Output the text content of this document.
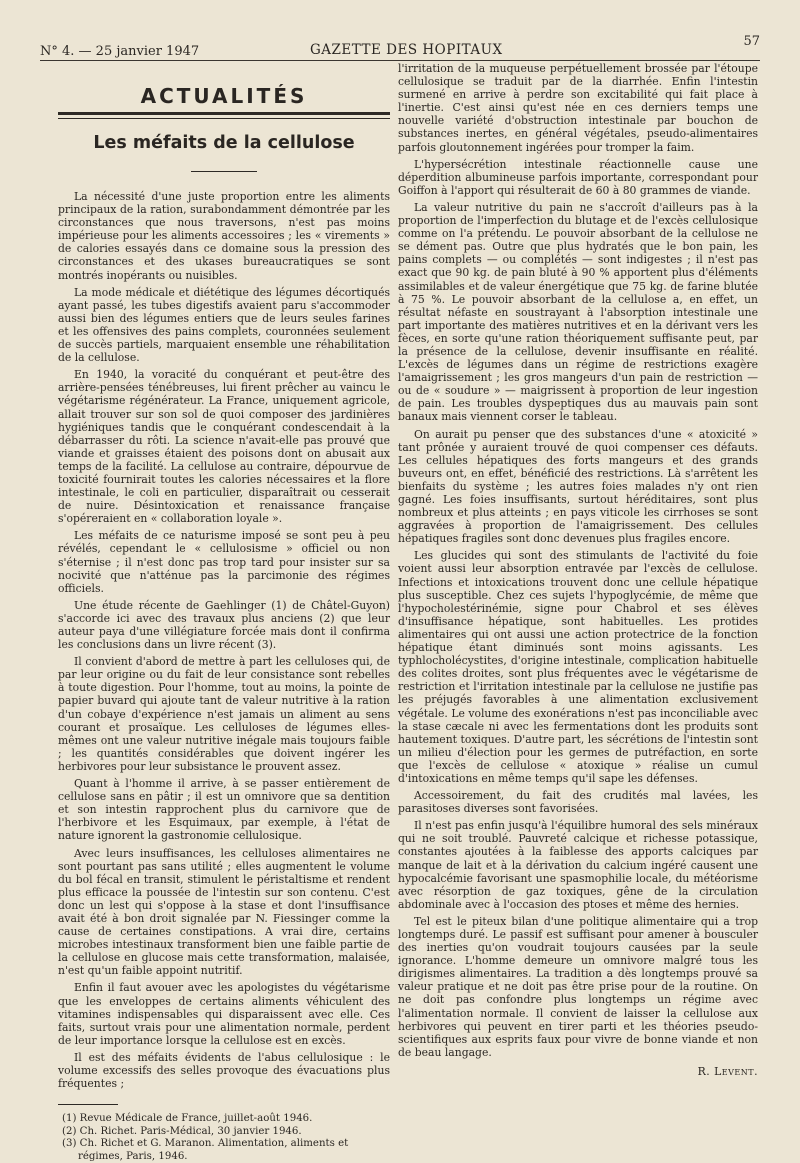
N° 4. — 25 janvier 1947	GAZETTE DES HOPITAUX
57
ACTUALITÉS
Les méfaits de la cellulose

La nécessité d'une juste proportion entre les aliments principaux de la ration, surabondamment démontrée par les circonstances que nous traversons, n'est pas moins impérieuse pour les aliments accessoires ; les « virements » de calories essayés dans ce domaine sous la pression des circonstances et des ukases bureaucratiques se sont montrés inopérants ou nuisibles.

La mode médicale et diététique des légumes décortiqués ayant passé, les tubes digestifs avaient paru s'accommoder aussi bien des légumes entiers que de leurs seules farines et les offensives des pains complets, couronnées seulement de succès partiels, marquaient ensemble une réhabilitation de la cellulose.

En 1940, la voracité du conquérant et peut-être des arrière-pensées ténébreuses, lui firent prêcher au vaincu le végétarisme régénérateur. La France, uniquement agricole, allait trouver sur son sol de quoi composer des jardinières hygiéniques tandis que le conquérant condescendait à la débarrasser du rôti. La science n'avait-elle pas prouvé que viande et graisses étaient des poisons dont on abusait aux temps de la facilité. La cellulose au contraire, dépourvue de toxicité fournirait toutes les calories nécessaires et la flore intestinale, le coli en particulier, disparaîtrait ou cesserait de nuire. Désintoxication et renaissance française s'opéreraient en « collaboration loyale ».

Les méfaits de ce naturisme imposé se sont peu à peu révélés, cependant le « cellulosisme » officiel ou non s'éternise ; il n'est donc pas trop tard pour insister sur sa nocivité que n'atténue pas la parcimonie des régimes officiels.

Une étude récente de Gaehlinger (1) de Châtel-Guyon) s'accorde ici avec des travaux plus anciens (2) que leur auteur paya d'une villégiature forcée mais dont il confirma les conclusions dans un livre récent (3).

Il convient d'abord de mettre à part les celluloses qui, de par leur origine ou du fait de leur consistance sont rebelles à toute digestion. Pour l'homme, tout au moins, la pointe de papier buvard qui ajoute tant de valeur nutritive à la ration d'un cobaye d'expérience n'est jamais un aliment au sens courant et prosaïque. Les celluloses de légumes elles-mêmes ont une valeur nutritive inégale mais toujours faible ; les quantités considérables que doivent ingérer les herbivores pour leur subsistance le prouvent assez.

Quant à l'homme il arrive, à se passer entièrement de cellulose sans en pâtir ; il est un omnivore que sa dentition et son intestin rapprochent plus du carnivore que de l'herbivore et les Esquimaux, par exemple, à l'état de nature ignorent la gastronomie cellulosique.

Avec leurs insuffisances, les celluloses alimentaires ne sont pourtant pas sans utilité ; elles augmentent le volume du bol fécal en transit, stimulent le péristaltisme et rendent plus efficace la poussée de l'intestin sur son contenu. C'est donc un lest qui s'oppose à la stase et dont l'insuffisance avait été à bon droit signalée par N. Fiessinger comme la cause de certaines constipations. A vrai dire, certains microbes intestinaux transforment bien une faible partie de la cellulose en glucose mais cette transformation, malaisée, n'est qu'un faible appoint nutritif.

Enfin il faut avouer avec les apologistes du végétarisme que les enveloppes de certains aliments véhiculent des vitamines indispensables qui disparaissent avec elle. Ces faits, surtout vrais pour une alimentation normale, perdent de leur importance lorsque la cellulose est en excès.

Il est des méfaits évidents de l'abus cellulosique : le volume excessifs des selles provoque des évacuations plus fréquentes ;

(1) Revue Médicale de France, juillet-août 1946.

(2) Ch. Richet. Paris-Médical, 30 janvier 1946.

(3) Ch. Richet et G. Maranon. Alimentation, aliments et régimes, Paris, 1946.

l'irritation de la muqueuse perpétuellement brossée par l'étoupe cellulosique se traduit par de la diarrhée. Enfin l'intestin surmené en arrive à perdre son excitabilité qui fait place à l'inertie. C'est ainsi qu'est née en ces derniers temps une nouvelle variété d'obstruction intestinale par bouchon de substances inertes, en général végétales, pseudo-alimentaires parfois gloutonnement ingérées pour tromper la faim.

L'hypersécrétion intestinale réactionnelle cause une déperdition albumineuse parfois importante, correspondant pour Goiffon à l'apport qui résulterait de 60 à 80 grammes de viande.

La valeur nutritive du pain ne s'accroît d'ailleurs pas à la proportion de l'imperfection du blutage et de l'excès cellulosique comme on l'a prétendu. Le pouvoir absorbant de la cellulose ne se dément pas. Outre que plus hydratés que le bon pain, les pains complets — ou complétés — sont indigestes ; il n'est pas exact que 90 kg. de pain bluté à 90 % apportent plus d'éléments assimilables et de valeur énergétique que 75 kg. de farine blutée à 75 %. Le pouvoir absorbant de la cellulose a, en effet, un résultat néfaste en soustrayant à l'absorption intestinale une part importante des matières nutritives et en la dérivant vers les fèces, en sorte qu'une ration théoriquement suffisante peut, par la présence de la cellulose, devenir insuffisante en réalité. L'excès de légumes dans un régime de restrictions exagère l'amaigrissement ; les gros mangeurs d'un pain de restriction — ou de « soudure » — maigrissent à proportion de leur ingestion de pain. Les troubles dyspeptiques dus au mauvais pain sont banaux mais viennent corser le tableau.

On aurait pu penser que des substances d'une « atoxicité » tant prônée y auraient trouvé de quoi compenser ces défauts. Les cellules hépatiques des forts mangeurs et des grands buveurs ont, en effet, bénéficié des restrictions. Là s'arrêtent les bienfaits du système ; les autres foies malades n'y ont rien gagné. Les foies insuffisants, surtout héréditaires, sont plus nombreux et plus atteints ; en pays viticole les cirrhoses se sont aggravées à proportion de l'amaigrissement. Des cellules hépatiques fragiles sont donc devenues plus fragiles encore.

Les glucides qui sont des stimulants de l'activité du foie voient aussi leur absorption entravée par l'excès de cellulose. Infections et intoxications trouvent donc une cellule hépatique plus susceptible. Chez ces sujets l'hypoglycémie, de même que l'hypocholestérinémie, signe pour Chabrol et ses élèves d'insuffisance hépatique, sont habituelles. Les protides alimentaires qui ont aussi une action protectrice de la fonction hépatique étant diminués sont moins agissants. Les typhlocholécystites, d'origine intestinale, complication habituelle des colites droites, sont plus fréquentes avec le végétarisme de restriction et l'irritation intestinale par la cellulose ne justifie pas les préjugés favorables à une alimentation exclusivement végétale. Le volume des exonérations n'est pas inconciliable avec la stase cæcale ni avec les fermentations dont les produits sont hautement toxiques. D'autre part, les sécrétions de l'intestin sont un milieu d'élection pour les germes de putréfaction, en sorte que l'excès de cellulose « atoxique » réalise un cumul d'intoxications en même temps qu'il sape les défenses.

Accessoirement, du fait des crudités mal lavées, les parasitoses diverses sont favorisées.

Il n'est pas enfin jusqu'à l'équilibre humoral des sels minéraux qui ne soit troublé. Pauvreté calcique et richesse potassique, constantes ajoutées à la faiblesse des apports calciques par manque de lait et à la dérivation du calcium ingéré causent une hypocalcémie favorisant une spasmophilie locale, du météorisme avec résorption de gaz toxiques, gêne de la circulation abdominale avec à l'occasion des ptoses et même des hernies.

Tel est le piteux bilan d'une politique alimentaire qui a trop longtemps duré. Le passif est suffisant pour amener à bousculer des inerties qu'on voudrait toujours causées par la seule ignorance. L'homme demeure un omnivore malgré tous les dirigismes alimentaires. La tradition a dès longtemps prouvé sa valeur pratique et ne doit pas être prise pour de la routine. On ne doit pas confondre plus longtemps un régime avec l'alimentation normale. Il convient de laisser la cellulose aux herbivores qui peuvent en tirer parti et les théories pseudo-scientifiques aux esprits faux pour vivre de bonne viande et non de beau langage.

R. Levent.
